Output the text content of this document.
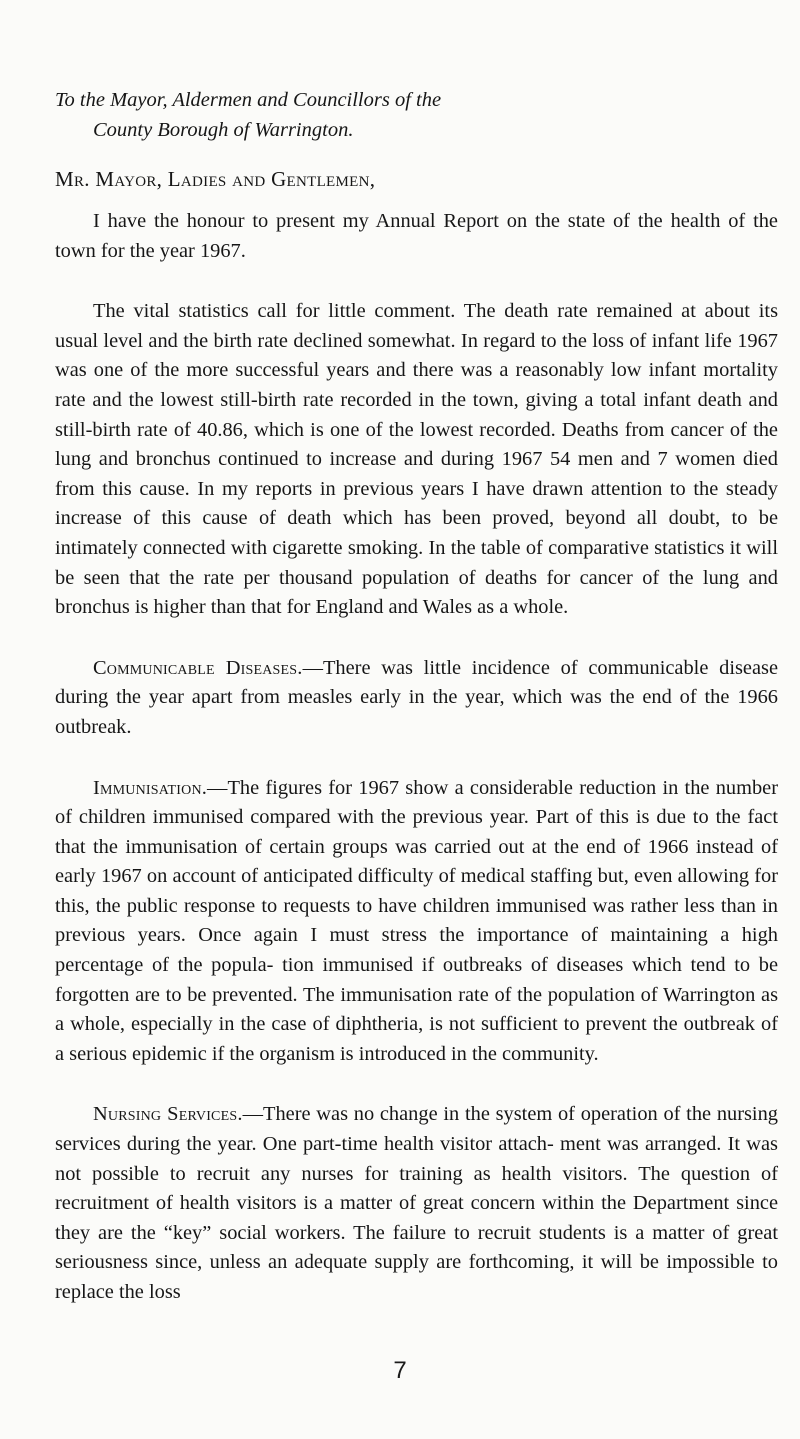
To the Mayor, Aldermen and Councillors of the
County Borough of Warrington.
Mr. Mayor, Ladies and Gentlemen,

I have the honour to present my Annual Report on the state of the health of the town for the year 1967.

The vital statistics call for little comment. The death rate remained at about its usual level and the birth rate declined somewhat. In regard to the loss of infant life 1967 was one of the more successful years and there was a reasonably low infant mortality rate and the lowest still-birth rate recorded in the town, giving a total infant death and still-birth rate of 40.86, which is one of the lowest recorded. Deaths from cancer of the lung and bronchus continued to increase and during 1967 54 men and 7 women died from this cause. In my reports in previous years I have drawn attention to the steady increase of this cause of death which has been proved, beyond all doubt, to be intimately connected with cigarette smoking. In the table of comparative statistics it will be seen that the rate per thousand population of deaths for cancer of the lung and bronchus is higher than that for England and Wales as a whole.

Communicable Diseases.—There was little incidence of communicable disease during the year apart from measles early in the year, which was the end of the 1966 outbreak.

Immunisation.—The figures for 1967 show a considerable reduction in the number of children immunised compared with the previous year. Part of this is due to the fact that the immunisation of certain groups was carried out at the end of 1966 instead of early 1967 on account of anticipated difficulty of medical staffing but, even allowing for this, the public response to requests to have children immunised was rather less than in previous years. Once again I must stress the importance of maintaining a high percentage of the popula- tion immunised if outbreaks of diseases which tend to be forgotten are to be prevented. The immunisation rate of the population of Warrington as a whole, especially in the case of diphtheria, is not sufficient to prevent the outbreak of a serious epidemic if the organism is introduced in the community.

Nursing Services.—There was no change in the system of operation of the nursing services during the year. One part-time health visitor attach- ment was arranged. It was not possible to recruit any nurses for training as health visitors. The question of recruitment of health visitors is a matter of great concern within the Department since they are the “key” social workers. The failure to recruit students is a matter of great seriousness since, unless an adequate supply are forthcoming, it will be impossible to replace the loss

7
